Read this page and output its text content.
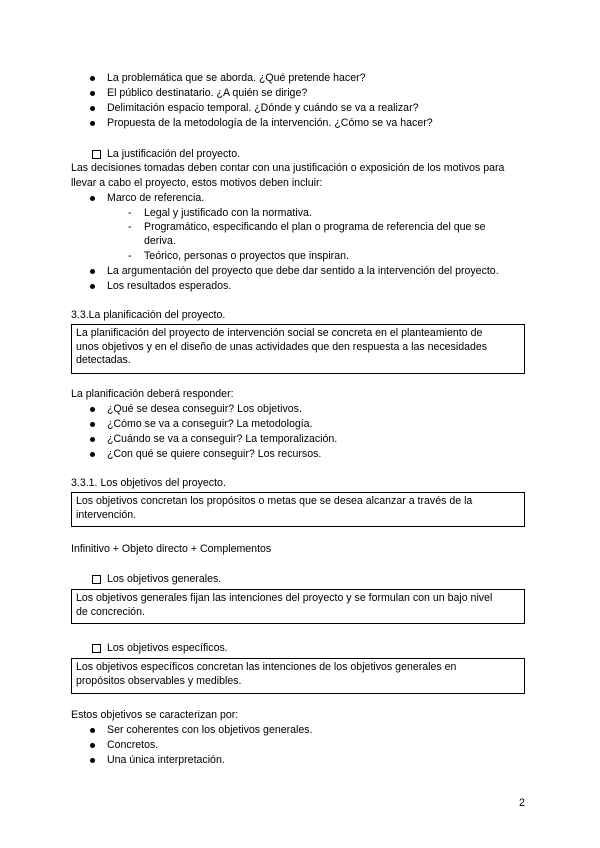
La problemática que se aborda. ¿Qué pretende hacer?
El público destinatario. ¿A quién se dirige?
Delimitación espacio temporal. ¿Dónde y cuándo se va a realizar?
Propuesta de la metodología de la intervención. ¿Cómo se va hacer?
La justificación del proyecto.
Las decisiones tomadas deben contar con una justificación o exposición de los motivos para
llevar a cabo el proyecto, estos motivos deben incluir:
Marco de referencia.
- Legal y justificado con la normativa.
- Programático, especificando el plan o programa de referencia del que se
deriva.
- Teórico, personas o proyectos que inspiran.
La argumentación del proyecto que debe dar sentido a la intervención del proyecto.
Los resultados esperados.
3.3.La planificación del proyecto.
La planificación del proyecto de intervención social se concreta en el planteamiento de
unos objetivos y en el diseño de unas actividades que den respuesta a las necesidades
detectadas.
La planificación deberá responder:
¿Qué se desea conseguir? Los objetivos.
¿Cómo se va a conseguir? La metodología.
¿Cuándo se va a conseguir? La temporalización.
¿Con qué se quiere conseguir? Los recursos.
3.3.1. Los objetivos del proyecto.
Los objetivos concretan los propósitos o metas que se desea alcanzar a través de la
intervención.
Infinitivo + Objeto directo + Complementos
Los objetivos generales.
Los objetivos generales fijan las intenciones del proyecto y se formulan con un bajo nivel
de concreción.
Los objetivos específicos.
Los objetivos específicos concretan las intenciones de los objetivos generales en
propósitos observables y medibles.
Estos objetivos se caracterizan por:
Ser coherentes con los objetivos generales.
Concretos.
Una única interpretación.
2
